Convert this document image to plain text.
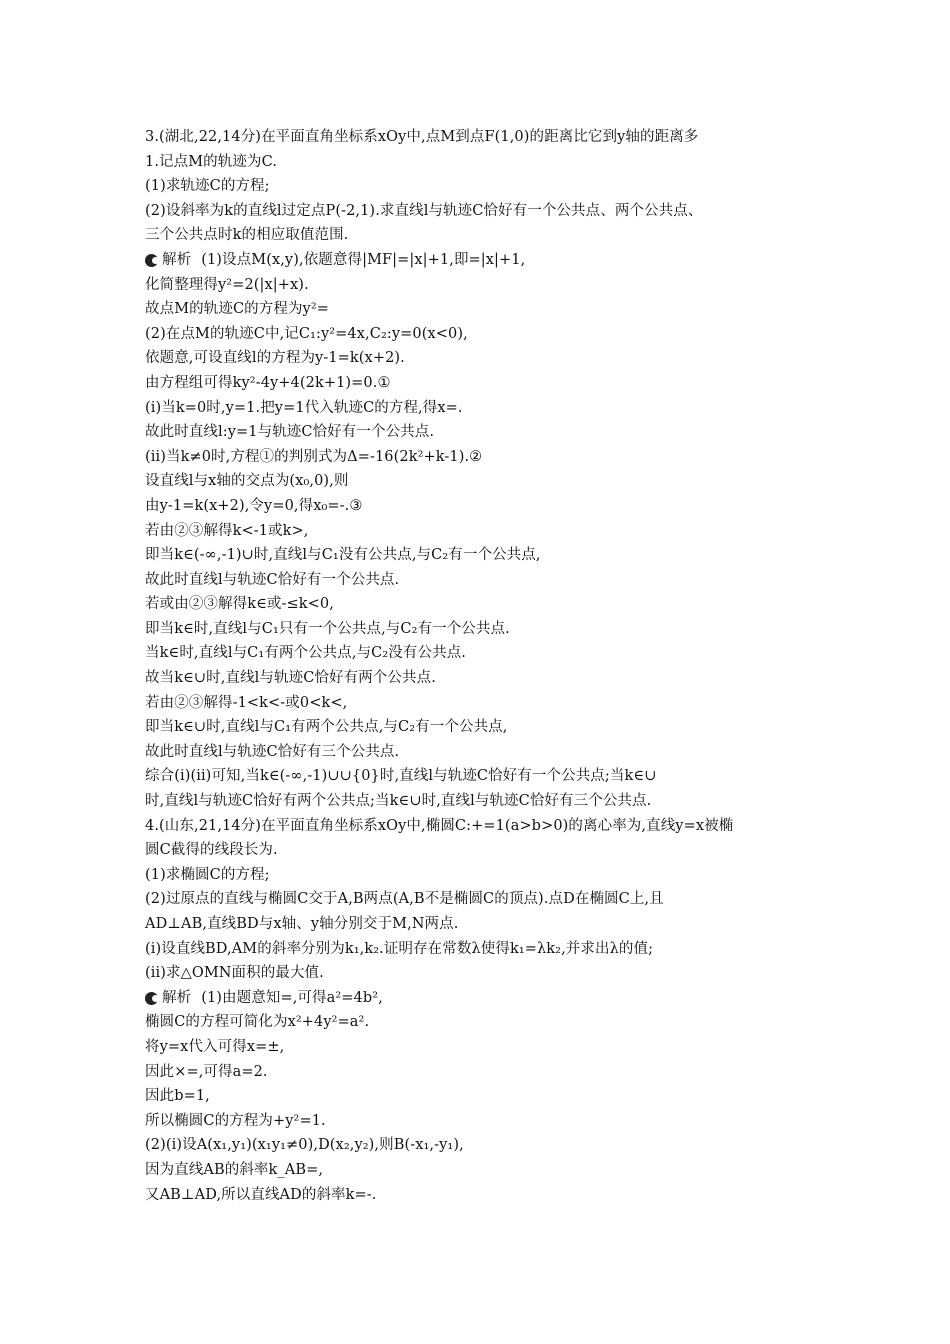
3.(湖北,22,14分)在平面直角坐标系xOy中,点M到点F(1,0)的距离比它到y轴的距离多
1.记点M的轨迹为C.
(1)求轨迹C的方程;
(2)设斜率为k的直线l过定点P(-2,1).求直线l与轨迹C恰好有一个公共点、两个公共点、
三个公共点时k的相应取值范围.
解析 (1)设点M(x,y),依题意得|MF|=|x|+1,即=|x|+1,
化简整理得y²=2(|x|+x).
故点M的轨迹C的方程为y²=
(2)在点M的轨迹C中,记C₁:y²=4x,C₂:y=0(x<0),
依题意,可设直线l的方程为y-1=k(x+2).
由方程组可得ky²-4y+4(2k+1)=0.①
(i)当k=0时,y=1.把y=1代入轨迹C的方程,得x=.
故此时直线l:y=1与轨迹C恰好有一个公共点.
(ii)当k≠0时,方程①的判别式为Δ=-16(2k²+k-1).②
设直线l与x轴的交点为(x₀,0),则
由y-1=k(x+2),令y=0,得x₀=-.③
若由②③解得k<-1或k>,
即当k∈(-∞,-1)∪时,直线l与C₁没有公共点,与C₂有一个公共点,
故此时直线l与轨迹C恰好有一个公共点.
若或由②③解得k∈或-≤k<0,
即当k∈时,直线l与C₁只有一个公共点,与C₂有一个公共点.
当k∈时,直线l与C₁有两个公共点,与C₂没有公共点.
故当k∈∪时,直线l与轨迹C恰好有两个公共点.
若由②③解得-1<k<-或0<k<,
即当k∈∪时,直线l与C₁有两个公共点,与C₂有一个公共点,
故此时直线l与轨迹C恰好有三个公共点.
综合(i)(ii)可知,当k∈(-∞,-1)∪∪{0}时,直线l与轨迹C恰好有一个公共点;当k∈∪
时,直线l与轨迹C恰好有两个公共点;当k∈∪时,直线l与轨迹C恰好有三个公共点.
4.(山东,21,14分)在平面直角坐标系xOy中,椭圆C:+=1(a>b>0)的离心率为,直线y=x被椭
圆C截得的线段长为.
(1)求椭圆C的方程;
(2)过原点的直线与椭圆C交于A,B两点(A,B不是椭圆C的顶点).点D在椭圆C上,且
AD⊥AB,直线BD与x轴、y轴分别交于M,N两点.
(i)设直线BD,AM的斜率分别为k₁,k₂.证明存在常数λ使得k₁=λk₂,并求出λ的值;
(ii)求△OMN面积的最大值.
解析 (1)由题意知=,可得a²=4b²,
椭圆C的方程可简化为x²+4y²=a².
将y=x代入可得x=±,
因此×=,可得a=2.
因此b=1,
所以椭圆C的方程为+y²=1.
(2)(i)设A(x₁,y₁)(x₁y₁≠0),D(x₂,y₂),则B(-x₁,-y₁),
因为直线AB的斜率k_AB=,
又AB⊥AD,所以直线AD的斜率k=-.
